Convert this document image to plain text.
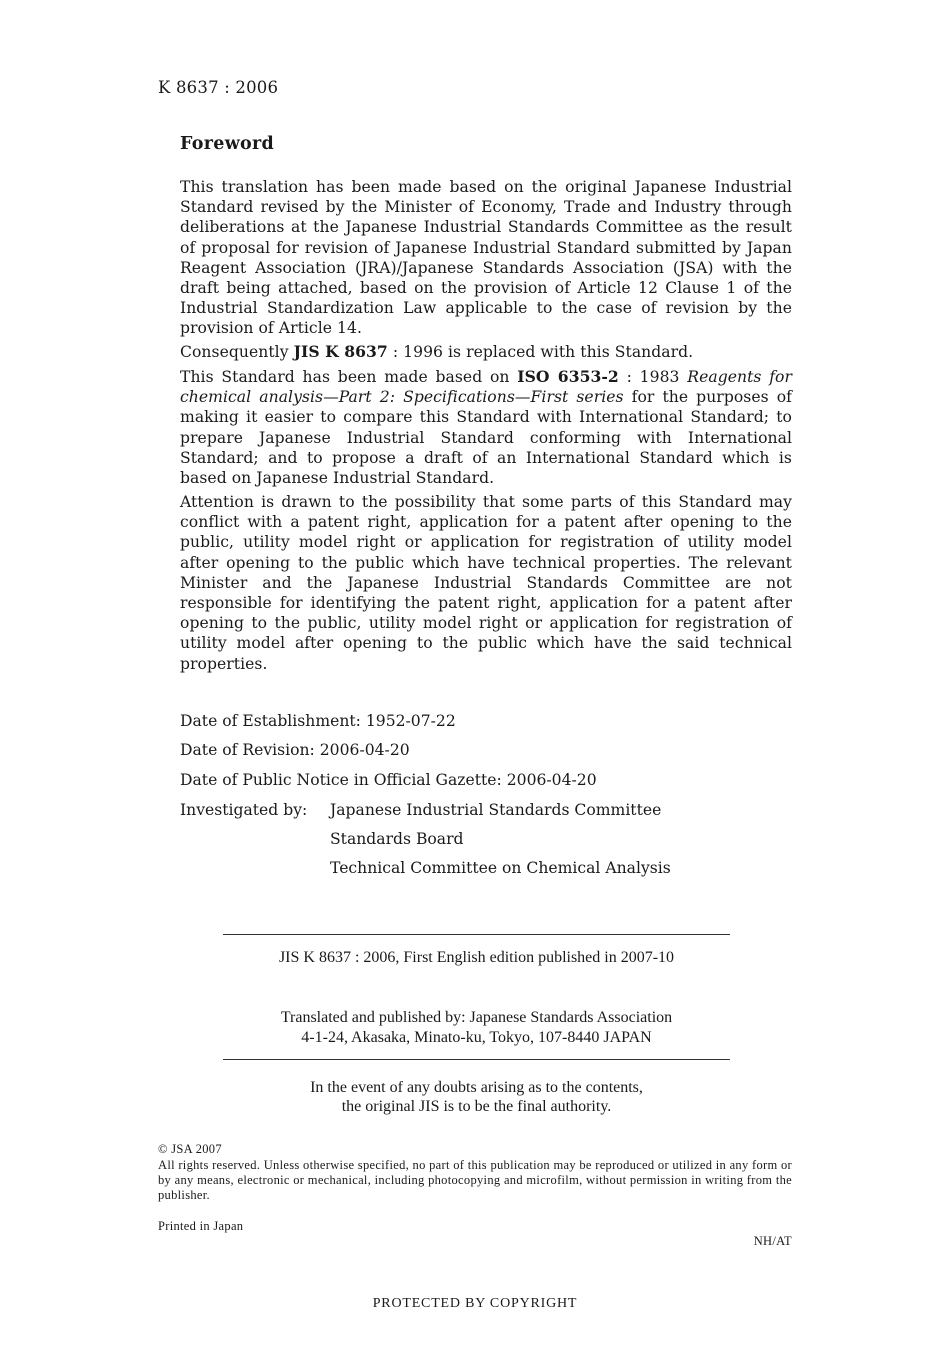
K 8637 : 2006
Foreword
This translation has been made based on the original Japanese Industrial Standard revised by the Minister of Economy, Trade and Industry through deliberations at the Japanese Industrial Standards Committee as the result of proposal for revision of Japanese Industrial Standard submitted by Japan Reagent Association (JRA)/Japanese Standards Association (JSA) with the draft being attached, based on the provision of Article 12 Clause 1 of the Industrial Standardization Law applicable to the case of revision by the provision of Article 14.
Consequently JIS K 8637 : 1996 is replaced with this Standard.
This Standard has been made based on ISO 6353-2 : 1983 Reagents for chemical analysis—Part 2: Specifications—First series for the purposes of making it easier to compare this Standard with International Standard; to prepare Japanese Industrial Standard conforming with International Standard; and to propose a draft of an International Standard which is based on Japanese Industrial Standard.
Attention is drawn to the possibility that some parts of this Standard may conflict with a patent right, application for a patent after opening to the public, utility model right or application for registration of utility model after opening to the public which have technical properties. The relevant Minister and the Japanese Industrial Standards Committee are not responsible for identifying the patent right, application for a patent after opening to the public, utility model right or application for registration of utility model after opening to the public which have the said technical properties.
Date of Establishment: 1952-07-22
Date of Revision: 2006-04-20
Date of Public Notice in Official Gazette: 2006-04-20
Investigated by: Japanese Industrial Standards Committee
Standards Board
Technical Committee on Chemical Analysis
JIS K 8637 : 2006, First English edition published in 2007-10
Translated and published by: Japanese Standards Association
4-1-24, Akasaka, Minato-ku, Tokyo, 107-8440 JAPAN
In the event of any doubts arising as to the contents,
the original JIS is to be the final authority.
© JSA 2007
All rights reserved. Unless otherwise specified, no part of this publication may be reproduced or utilized in any form or by any means, electronic or mechanical, including photocopying and microfilm, without permission in writing from the publisher.
Printed in Japan
NH/AT
PROTECTED BY COPYRIGHT
